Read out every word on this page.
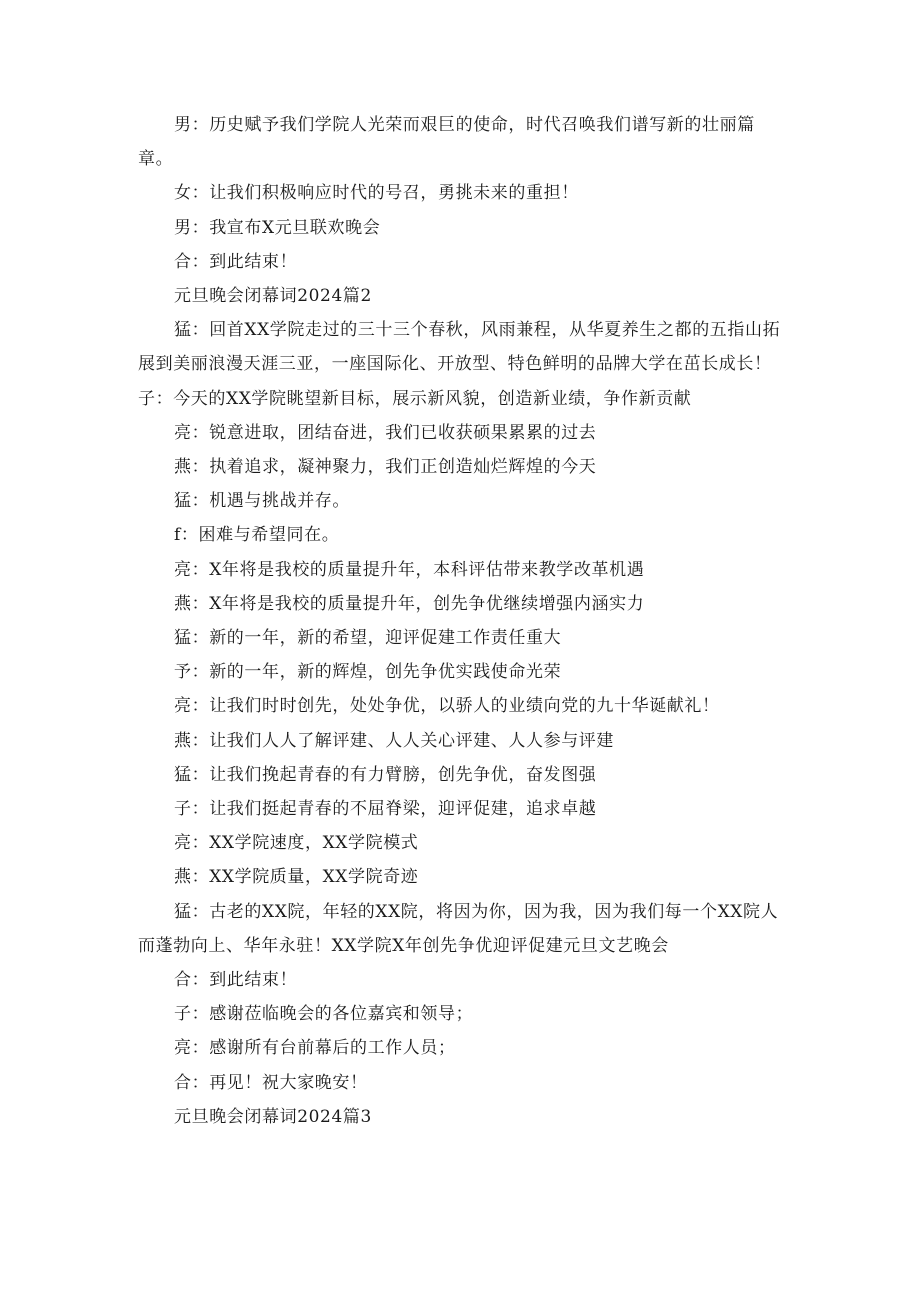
男：历史赋予我们学院人光荣而艰巨的使命，时代召唤我们谱写新的壮丽篇章。

女：让我们积极响应时代的号召，勇挑未来的重担！

男：我宣布X元旦联欢晚会

合：到此结束！

元旦晚会闭幕词2024篇2

猛：回首XX学院走过的三十三个春秋，风雨兼程，从华夏养生之都的五指山拓展到美丽浪漫天涯三亚，一座国际化、开放型、特色鲜明的品牌大学在茁长成长！子：今天的XX学院眺望新目标，展示新风貌，创造新业绩，争作新贡献

亮：锐意进取，团结奋进，我们已收获硕果累累的过去

燕：执着追求，凝神聚力，我们正创造灿烂辉煌的今天

猛：机遇与挑战并存。

f：困难与希望同在。

亮：X年将是我校的质量提升年，本科评估带来教学改革机遇

燕：X年将是我校的质量提升年，创先争优继续增强内涵实力

猛：新的一年，新的希望，迎评促建工作责任重大

予：新的一年，新的辉煌，创先争优实践使命光荣

亮：让我们时时创先，处处争优，以骄人的业绩向党的九十华诞献礼！

燕：让我们人人了解评建、人人关心评建、人人参与评建

猛：让我们挽起青春的有力臂膀，创先争优，奋发图强

子：让我们挺起青春的不屈脊梁，迎评促建，追求卓越

亮：XX学院速度，XX学院模式

燕：XX学院质量，XX学院奇迹

猛：古老的XX院，年轻的XX院，将因为你，因为我，因为我们每一个XX院人而蓬勃向上、华年永驻！XX学院X年创先争优迎评促建元旦文艺晚会

合：到此结束！

子：感谢莅临晚会的各位嘉宾和领导；

亮：感谢所有台前幕后的工作人员；

合：再见！祝大家晚安！

元旦晚会闭幕词2024篇3
